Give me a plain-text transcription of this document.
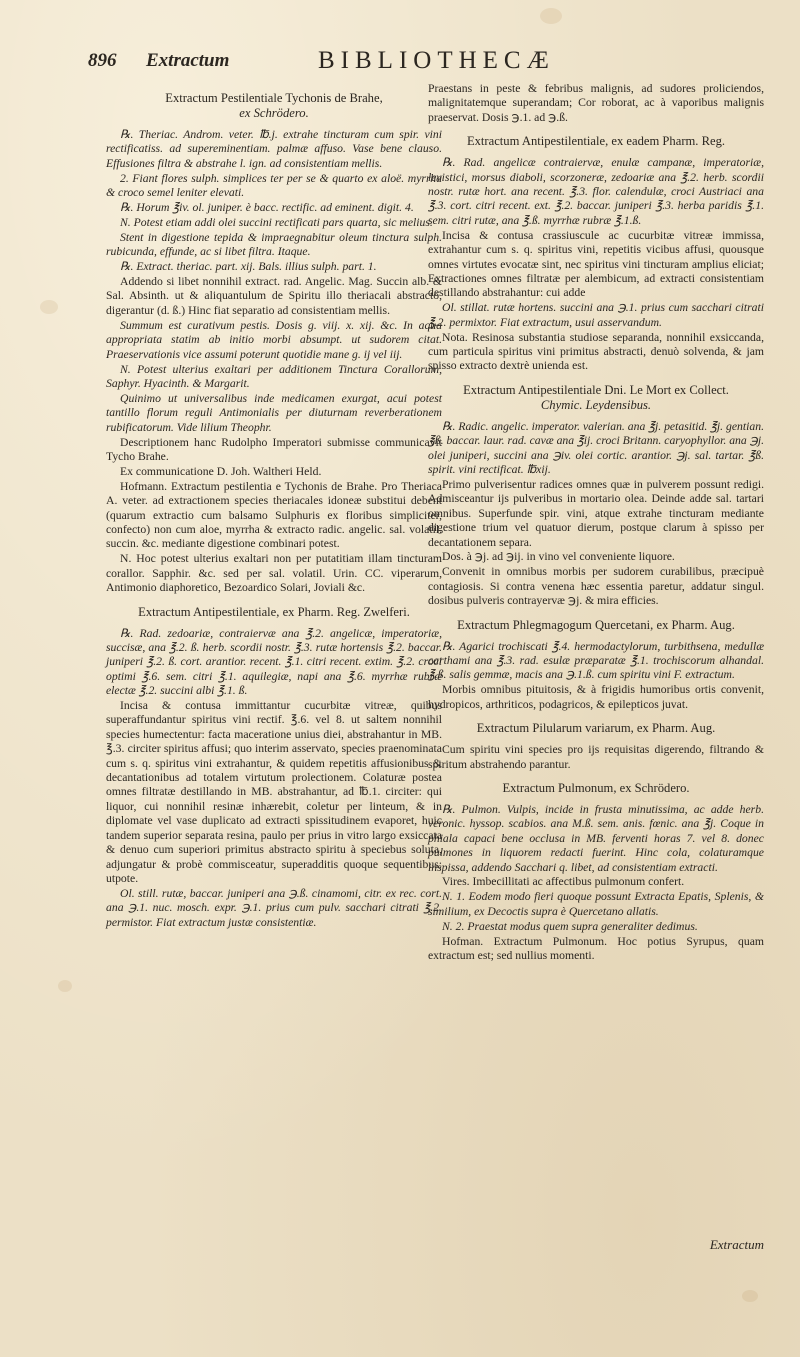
896 Extractum	BIBLIOTHECÆ
Extractum Pestilentiale Tychonis de Brahe,
ex Schrödero.

℞. Theriac. Androm. veter. ℔.j. extrahe tincturam cum spir. vini rectificatiss. ad supereminentiam. palmæ affuso. Vase bene clauso. Effusiones filtra & abstrahe l. ign. ad consistentiam mellis.

2. Fiant flores sulph. simplices ter per se & quarto ex aloë. myrrha & croco semel leniter elevati.

℞. Horum ℥iv. ol. juniper. è bacc. rectific. ad eminent. digit. 4.

N. Potest etiam addi olei succini rectificati pars quarta, sic melius.

Stent in digestione tepida & impraegnabitur oleum tinctura sulph. rubicunda, effunde, ac si libet filtra. Itaque.

℞. Extract. theriac. part. xij. Bals. illius sulph. part. 1.

Addendo si libet nonnihil extract. rad. Angelic. Mag. Succin alb. & Sal. Absinth. ut & aliquantulum de Spiritu illo theriacali abstracto, digerantur (d. ß.) Hinc fiat separatio ad consistentiam mellis.

Summum est curativum pestis. Dosis g. viij. x. xij. &c. In aqua appropriata statim ab initio morbi absumpt. ut sudorem citat. Praeservationis vice assumi poterunt quotidie mane g. ij vel iij.

N. Potest ulterius exaltari per additionem Tinctura Corallorum, Saphyr. Hyacinth. & Margarit.

Quinimo ut universalibus inde medicamen exurgat, acui potest tantillo florum reguli Antimonialis per diuturnam reverberationem rubificatorum. Vide lilium Theophr.

Descriptionem hanc Rudolpho Imperatori submisse communicavit Tycho Brahe.

Ex communicatione D. Joh. Waltheri Held.

Hofmann. Extractum pestilentia e Tychonis de Brahe. Pro Theriaca A. veter. ad extractionem species theriacales idoneæ substitui debent (quarum extractio cum balsamo Sulphuris ex floribus simpliciter, confecto) non cum aloe, myrrha & extracto radic. angelic. sal. volatil. succin. &c. mediante digestione combinari potest.

N. Hoc potest ulterius exaltari non per putatitiam illam tincturam corallor. Sapphir. &c. sed per sal. volatil. Urin. CC. viperarum, Antimonio diaphoretico, Bezoardico Solari, Joviali &c.

Extractum Antipestilentiale, ex Pharm. Reg. Zwelferi.

℞. Rad. zedoariæ, contraiervæ ana ℥.2. angelicæ, imperatoriæ, succisæ, ana ℥.2. ß. herb. scordii nostr. ℥.3. rutæ hortensis ℥.2. baccar. juniperi ℥.2. ß. cort. arantior. recent. ℥.1. citri recent. extim. ℥.2. croci optimi ℥.6. sem. citri ℥.1. aquilegiæ, napi ana ℥.6. myrrhæ rubræ electæ ℥.2. succini albi ℥.1. ß.

Incisa & contusa immittantur cucurbitæ vitreæ, quibus superaffundantur spiritus vini rectif. ℥.6. vel 8. ut saltem nonnihil species humectentur: facta maceratione unius diei, abstrahantur in MB. ℥.3. circiter spiritus affusi; quo interim asservato, species praenominata cum s. q. spiritus vini extrahantur, & quidem repetitis affusionibus & decantationibus ad totalem virtutum prolectionem. Colaturæ postea omnes filtratæ destillando in MB. abstrahantur, ad ℔.1. circiter: qui liquor, cui nonnihil resinæ inhærebit, coletur per linteum, & in diplomate vel vase duplicato ad extracti spissitudinem evaporet, huic tandem superior separata resina, paulo per prius in vitro largo exsiccata & denuo cum superiori primitus abstracto spiritu à speciebus soluta, adjungatur & probè commisceatur, superadditis quoque sequentibus: utpote.

Ol. still. rutæ, baccar. juniperi ana ℈.ß. cinamomi, citr. ex rec. cort. ana ℈.1. nuc. mosch. expr. ℈.1. prius cum pulv. sacchari citrati ℥.2. permistor. Fiat extractum justæ consistentiæ.

Praestans in peste & febribus malignis, ad sudores proliciendos, malignitatemque superandam; Cor roborat, ac à vaporibus malignis praeservat. Dosis ℈.1. ad ℈.ß.

Extractum Antipestilentiale, ex eadem Pharm. Reg.

℞. Rad. angelicæ contraiervæ, enulæ campanæ, imperatoriæ, levistici, morsus diaboli, scorzoneræ, zedoariæ ana ℥.2. herb. scordii nostr. rutæ hort. ana recent. ℥.3. flor. calendulæ, croci Austriaci ana ℥.3. cort. citri recent. ext. ℥.2. baccar. juniperi ℥.3. herba paridis ℥.1. sem. citri rutæ, ana ℥.ß. myrrhæ rubræ ℥.1.ß.

Incisa & contusa crassiuscule ac cucurbitæ vitreæ immissa, extrahantur cum s. q. spiritus vini, repetitis vicibus affusi, quousque omnes virtutes evocatæ sint, nec spiritus vini tincturam amplius eliciat; Extractiones omnes filtratæ per alembicum, ad extracti consistentiam destillando abstrahantur: cui adde

Ol. stillat. rutæ hortens. succini ana ℈.1. prius cum sacchari citrati ℥.2. permixtor. Fiat extractum, usui asservandum.

Nota. Resinosa substantia studiose separanda, nonnihil exsiccanda, cum particula spiritus vini primitus abstracti, denuò solvenda, & jam spisso extracto dextrè unienda est.

Extractum Antipestilentiale Dni. Le Mort ex Collect.
Chymic. Leydensibus.

℞. Radic. angelic. imperator. valerian. ana ℥j. petasitid. ℥j. gentian. ℥ß. baccar. laur. rad. cavæ ana ℥ij. croci Britann. caryophyllor. ana ℈j. olei juniperi, succini ana ℈iv. olei cortic. arantior. ℈j. sal. tartar. ℥ß. spirit. vini rectificat. ℔xij.

Primo pulverisentur radices omnes quæ in pulverem possunt redigi. Admisceantur ijs pulveribus in mortario olea. Deinde adde sal. tartari omnibus. Superfunde spir. vini, atque extrahe tincturam mediante digestione trium vel quatuor dierum, postque clarum à spisso per decantationem separa.

Dos. à ℈j. ad ℈ij. in vino vel conveniente liquore.

Convenit in omnibus morbis per sudorem curabilibus, præcipuè contagiosis. Si contra venena hæc essentia paretur, addatur singul. dosibus pulveris contrayervæ ℈j. & mira efficies.

Extractum Phlegmagogum Quercetani, ex Pharm. Aug.

℞. Agarici trochiscati ℥.4. hermodactylorum, turbithsena, medullæ carthami ana ℥.3. rad. esulæ præparatæ ℥.1. trochiscorum alhandal. ℥.ß. salis gemmæ, macis ana ℈.1.ß. cum spiritu vini F. extractum.

Morbis omnibus pituitosis, & à frigidis humoribus ortis convenit, hydropicos, arthriticos, podagricos, & epilepticos juvat.

Extractum Pilularum variarum, ex Pharm. Aug.

Cum spiritu vini species pro ijs requisitas digerendo, filtrando & spiritum abstrahendo parantur.

Extractum Pulmonum, ex Schrödero.

℞. Pulmon. Vulpis, incide in frusta minutissima, ac adde herb. veronic. hyssop. scabios. ana M.ß. sem. anis. fœnic. ana ℥j. Coque in phiala capaci bene occlusa in MB. ferventi horas 7. vel 8. donec pulmones in liquorem redacti fuerint. Hinc cola, colaturamque inspissa, addendo Sacchari q. libet, ad consistentiam extracti.

Vires. Imbecillitati ac affectibus pulmonum confert.

N. 1. Eodem modo fieri quoque possunt Extracta Epatis, Splenis, & similium, ex Decoctis supra è Quercetano allatis.

N. 2. Praestat modus quem supra generaliter dedimus.

Hofman. Extractum Pulmonum. Hoc potius Syrupus, quam extractum est; sed nullius momenti.

Extractum
